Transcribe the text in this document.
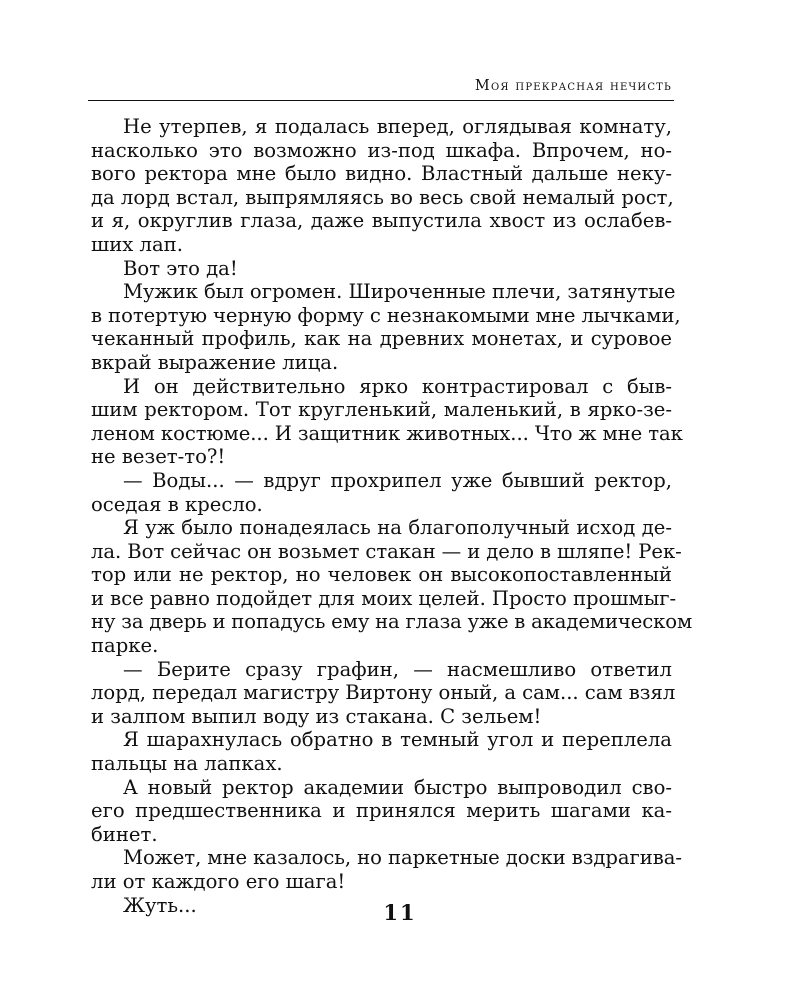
Моя прекрасная нечисть
Не утерпев, я подалась вперед, оглядывая комнату,
насколько это возможно из-под шкафа. Впрочем, но-
вого ректора мне было видно. Властный дальше неку-
да лорд встал, выпрямляясь во весь свой немалый рост,
и я, округлив глаза, даже выпустила хвост из ослабев-
ших лап.
Вот это да!
Мужик был огромен. Широченные плечи, затянутые
в потертую черную форму с незнакомыми мне лычками,
чеканный профиль, как на древних монетах, и суровое
вкрай выражение лица.
И он действительно ярко контрастировал с быв-
шим ректором. Тот кругленький, маленький, в ярко-зе-
леном костюме... И защитник животных... Что ж мне так
не везет-то?!
— Воды... — вдруг прохрипел уже бывший ректор,
оседая в кресло.
Я уж было понадеялась на благополучный исход де-
ла. Вот сейчас он возьмет стакан — и дело в шляпе! Рек-
тор или не ректор, но человек он высокопоставленный
и все равно подойдет для моих целей. Просто прошмыг-
ну за дверь и попадусь ему на глаза уже в академическом
парке.
— Берите сразу графин, — насмешливо ответил
лорд, передал магистру Виртону оный, а сам... сам взял
и залпом выпил воду из стакана. С зельем!
Я шарахнулась обратно в темный угол и переплела
пальцы на лапках.
А новый ректор академии быстро выпроводил сво-
его предшественника и принялся мерить шагами ка-
бинет.
Может, мне казалось, но паркетные доски вздрагива-
ли от каждого его шага!
Жуть...	11
